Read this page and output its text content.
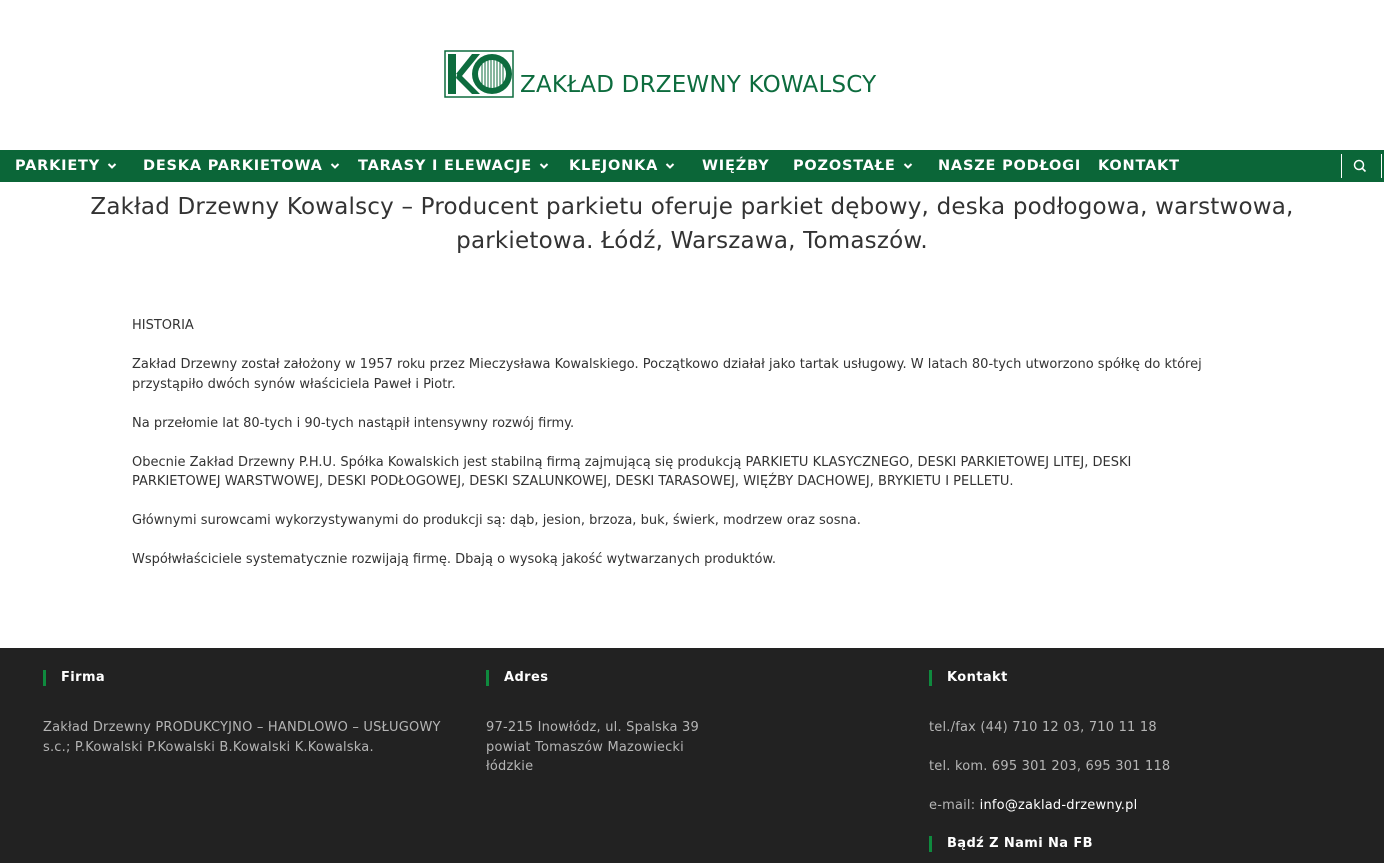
ZAKŁAD DRZEWNY KOWALSCY
PARKIETY	DESKA PARKIETOWA TARASY I ELEWACJE	KLEJONKA	WIĘŹBY POZOSTAŁE	NASZE PODŁOGI KONTAKT
Zakład Drzewny Kowalscy – Producent parkietu oferuje parkiet dębowy, deska podłogowa, warstwowa,
parkietowa. Łódź, Warszawa, Tomaszów.

HISTORIA

Zakład Drzewny został założony w 1957 roku przez Mieczysława Kowalskiego. Początkowo działał jako tartak usługowy. W latach 80-tych utworzono spółkę do której
przystąpiło dwóch synów właściciela Paweł i Piotr.

Na przełomie lat 80-tych i 90-tych nastąpił intensywny rozwój firmy.

Obecnie Zakład Drzewny P.H.U. Spółka Kowalskich jest stabilną firmą zajmującą się produkcją PARKIETU KLASYCZNEGO, DESKI PARKIETOWEJ LITEJ, DESKI
PARKIETOWEJ WARSTWOWEJ, DESKI PODŁOGOWEJ, DESKI SZALUNKOWEJ, DESKI TARASOWEJ, WIĘŹBY DACHOWEJ, BRYKIETU I PELLETU.

Głównymi surowcami wykorzystywanymi do produkcji są: dąb, jesion, brzoza, buk, świerk, modrzew oraz sosna.

Współwłaściciele systematycznie rozwijają firmę. Dbają o wysoką jakość wytwarzanych produktów.

Firma
Zakład Drzewny PRODUKCYJNO – HANDLOWO – USŁUGOWY
s.c.; P.Kowalski P.Kowalski B.Kowalski K.Kowalska.
Adres
97-215 Inowłódz, ul. Spalska 39
powiat Tomaszów Mazowiecki
łódzkie
Kontakt
tel./fax (44) 710 12 03, 710 11 18
tel. kom. 695 301 203, 695 301 118
e-mail: info@zaklad-drzewny.pl
Bądź Z Nami Na FB
